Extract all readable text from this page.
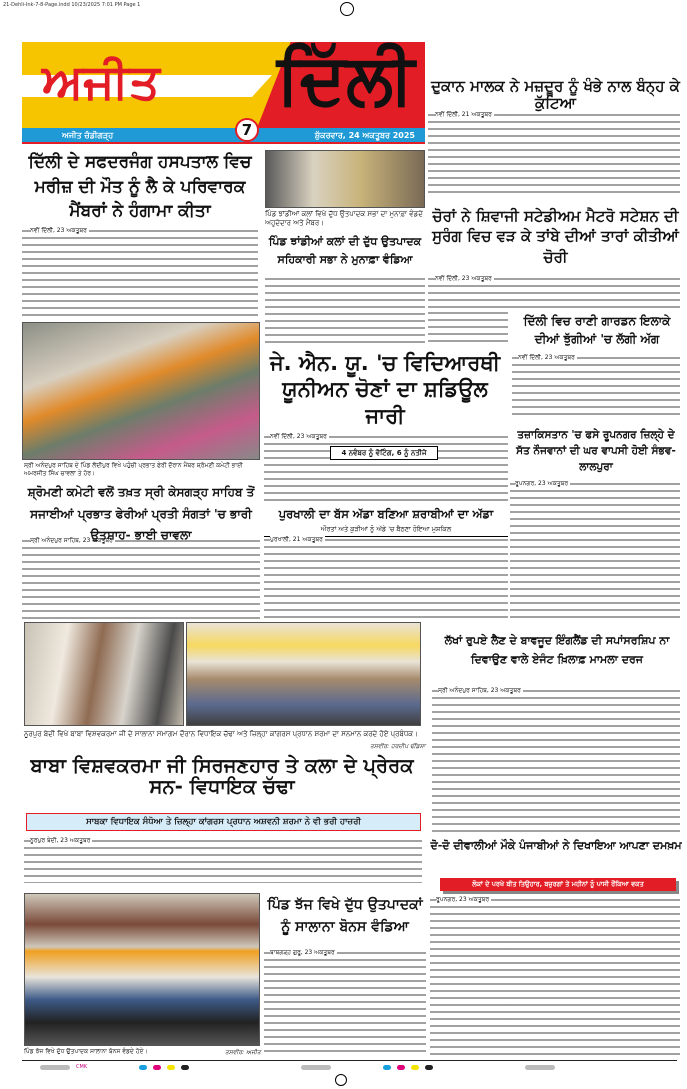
21-Dehli-Ink-7-8-Page.indd 10/23/2025 7:01 PM Page 1
ਅਜੀਤ ਦਿੱਲੀ
ਅਜੀਤ ਚੰਡੀਗੜ੍ਹ	7	ਸ਼ੁੱਕਰਵਾਰ, 24 ਅਕਤੂਬਰ 2025
ਦੁਕਾਨ ਮਾਲਕ ਨੇ ਮਜ਼ਦੂਰ ਨੂੰ ਖੰਭੇ ਨਾਲ ਬੰਨ੍ਹ ਕੇ ਕੁੱਟਿਆ
ਨਵੀਂ ਦਿੱਲੀ, 21 ਅਕਤੂਬਰ
ਦਿੱਲੀ ਦੇ ਸਫਦਰਜੰਗ ਹਸਪਤਾਲ ਵਿਚ ਮਰੀਜ਼ ਦੀ ਮੌਤ ਨੂੰ ਲੈ ਕੇ ਪਰਿਵਾਰਕ ਮੈਂਬਰਾਂ ਨੇ ਹੰਗਾਮਾ ਕੀਤਾ
ਨਵੀਂ ਦਿੱਲੀ, 23 ਅਕਤੂਬਰ
ਪਿੰਡ ਝਾਂਡੀਆਂ ਕਲਾਂ ਵਿਖੇ ਦੁੱਧ ਉਤਪਾਦਕ ਸਭਾ ਦਾ ਮੁਨਾਫ਼ਾ ਵੰਡਦੇ ਅਹੁਦੇਦਾਰ ਅਤੇ ਮੈਂਬਰ।
ਪਿੰਡ ਝਾਂਡੀਆਂ ਕਲਾਂ ਦੀ ਦੁੱਧ ਉਤਪਾਦਕ ਸਹਿਕਾਰੀ ਸਭਾ ਨੇ ਮੁਨਾਫ਼ਾ ਵੰਡਿਆ
ਚੋਰਾਂ ਨੇ ਸ਼ਿਵਾਜੀ ਸਟੇਡੀਅਮ ਮੈਟਰੋ ਸਟੇਸ਼ਨ ਦੀ ਸੁਰੰਗ ਵਿਚ ਵੜ ਕੇ ਤਾਂਬੇ ਦੀਆਂ ਤਾਰਾਂ ਕੀਤੀਆਂ ਚੋਰੀ
ਨਵੀਂ ਦਿੱਲੀ, 23 ਅਕਤੂਬਰ
ਦਿੱਲੀ ਵਿਚ ਰਾਣੀ ਗਾਰਡਨ ਇਲਾਕੇ ਦੀਆਂ ਝੁੱਗੀਆਂ 'ਚ ਲੱਗੀ ਅੱਗ
ਨਵੀਂ ਦਿੱਲੀ, 23 ਅਕਤੂਬਰ
ਜੇ. ਐਨ. ਯੂ. 'ਚ ਵਿਦਿਆਰਥੀ ਯੂਨੀਅਨ ਚੋਣਾਂ ਦਾ ਸ਼ਡਿਊਲ ਜਾਰੀ
ਨਵੀਂ ਦਿੱਲੀ, 23 ਅਕਤੂਬਰ
4 ਨਵੰਬਰ ਨੂੰ ਵੋਟਿੰਗ, 6 ਨੂੰ ਨਤੀਜੇ
ਤਜ਼ਾਕਿਸਤਾਨ 'ਚ ਫਸੇ ਰੂਪਨਗਰ ਜ਼ਿਲ੍ਹੇ ਦੇ ਸੱਤ ਨੌਜਵਾਨਾਂ ਦੀ ਘਰ ਵਾਪਸੀ ਹੋਈ ਸੰਭਵ- ਲਾਲਪੁਰਾ
ਰੂਪਨਗਰ, 23 ਅਕਤੂਬਰ
ਸ੍ਰੀ ਅਨੰਦਪੁਰ ਸਾਹਿਬ ਦੇ ਪਿੰਡ ਲੋਦੀਪੁਰ ਵਿਖੇ ਪਹੁੰਚੀ ਪ੍ਰਭਾਤ ਫੇਰੀ ਦੌਰਾਨ ਮੈਂਬਰ ਸ਼੍ਰੋਮਣੀ ਕਮੇਟੀ ਭਾਈ ਅਮਰਜੀਤ ਸਿੰਘ ਚਾਵਲਾ ਤੇ ਹੋਰ।
ਸ਼੍ਰੋਮਣੀ ਕਮੇਟੀ ਵਲੋਂ ਤਖ਼ਤ ਸ੍ਰੀ ਕੇਸਗੜ੍ਹ ਸਾਹਿਬ ਤੋਂ ਸਜਾਈਆਂ ਪ੍ਰਭਾਤ ਫੇਰੀਆਂ ਪ੍ਰਤੀ ਸੰਗਤਾਂ 'ਚ ਭਾਰੀ ਉਤਸ਼ਾਹ- ਭਾਈ ਚਾਵਲਾ
ਸ੍ਰੀ ਅਨੰਦਪੁਰ ਸਾਹਿਬ, 23 ਅਕਤੂਬਰ
ਪੁਰਖਾਲੀ ਦਾ ਬੱਸ ਅੱਡਾ ਬਣਿਆ ਸ਼ਰਾਬੀਆਂ ਦਾ ਅੱਡਾ
ਔਰਤਾਂ ਅਤੇ ਕੁੜੀਆਂ ਨੂੰ ਅੱਡੇ 'ਚ ਬੈਠਣਾ ਹੋਇਆ ਮੁਸ਼ਕਿਲ
ਪੁਰਖਾਲੀ, 21 ਅਕਤੂਬਰ
ਨੂਰਪੁਰ ਬੇਦੀ ਵਿਖੇ ਬਾਬਾ ਵਿਸ਼ਵਕਰਮਾ ਜੀ ਦੇ ਸਾਲਾਨਾ ਸਮਾਗਮ ਦੌਰਾਨ ਵਿਧਾਇਕ ਚੱਢਾ ਅਤੇ ਜ਼ਿਲ੍ਹਾ ਕਾਂਗਰਸ ਪ੍ਰਧਾਨ ਸ਼ਰਮਾ ਦਾ ਸਨਮਾਨ ਕਰਦੇ ਹੋਏ ਪ੍ਰਬੰਧਕ।
ਤਸਵੀਰ: ਹਰਦੀਪ ਢੀਂਡਸਾ
ਬਾਬਾ ਵਿਸ਼ਵਕਰਮਾ ਜੀ ਸਿਰਜਣਹਾਰ ਤੇ ਕਲਾ ਦੇ ਪ੍ਰੇਰਕ ਸਨ- ਵਿਧਾਇਕ ਚੱਢਾ
ਸਾਬਕਾ ਵਿਧਾਇਕ ਸੰਧੋਆ ਤੇ ਜ਼ਿਲ੍ਹਾ ਕਾਂਗਰਸ ਪ੍ਰਧਾਨ ਅਸ਼ਵਨੀ ਸ਼ਰਮਾ ਨੇ ਵੀ ਭਰੀ ਹਾਜ਼ਰੀ
ਨੂਰਪੁਰ ਬੇਦੀ, 23 ਅਕਤੂਬਰ
ਲੱਖਾਂ ਰੁਪਏ ਲੈਣ ਦੇ ਬਾਵਜੂਦ ਇੰਗਲੈਂਡ ਦੀ ਸਪਾਂਸਰਸ਼ਿਪ ਨਾ ਦਿਵਾਉਣ ਵਾਲੇ ਏਜੰਟ ਖ਼ਿਲਾਫ਼ ਮਾਮਲਾ ਦਰਜ
ਸ੍ਰੀ ਅਨੰਦਪੁਰ ਸਾਹਿਬ, 23 ਅਕਤੂਬਰ
ਦੋ-ਦੋ ਦੀਵਾਲੀਆਂ ਮੌਕੇ ਪੰਜਾਬੀਆਂ ਨੇ ਦਿਖਾਇਆ ਆਪਣਾ ਦਮਖ਼ਮ
ਲੋਕਾਂ ਦੇ ਪਰਖੇ ਬੀਤ ਤਿਉਹਾਰ, ਬਜ਼ੁਰਗਾਂ ਤੇ ਮਹੀਨਾਂ ਨੂੰ ਪਾਸੀ ਰੌਂਕਿਆ ਵਕਤ
ਰੂਪਨਗਰ, 23 ਅਕਤੂਬਰ
ਪਿੰਡ ਝੱਜ ਵਿਖੇ ਦੁੱਧ ਉਤਪਾਦਕ ਸਾਲਾਨਾ ਬੋਨਸ ਵੰਡਦੇ ਹੋਏ।	ਤਸਵੀਰ: ਅਜੀਤ
ਪਿੰਡ ਝੱਜ ਵਿਖੇ ਦੁੱਧ ਉਤਪਾਦਕਾਂ ਨੂੰ ਸਾਲਾਨਾ ਬੋਨਸ ਵੰਡਿਆ
ਬਾਬਗੜ੍ਹ ਗੁਰੂ, 23 ਅਕਤੂਬਰ
CMK
